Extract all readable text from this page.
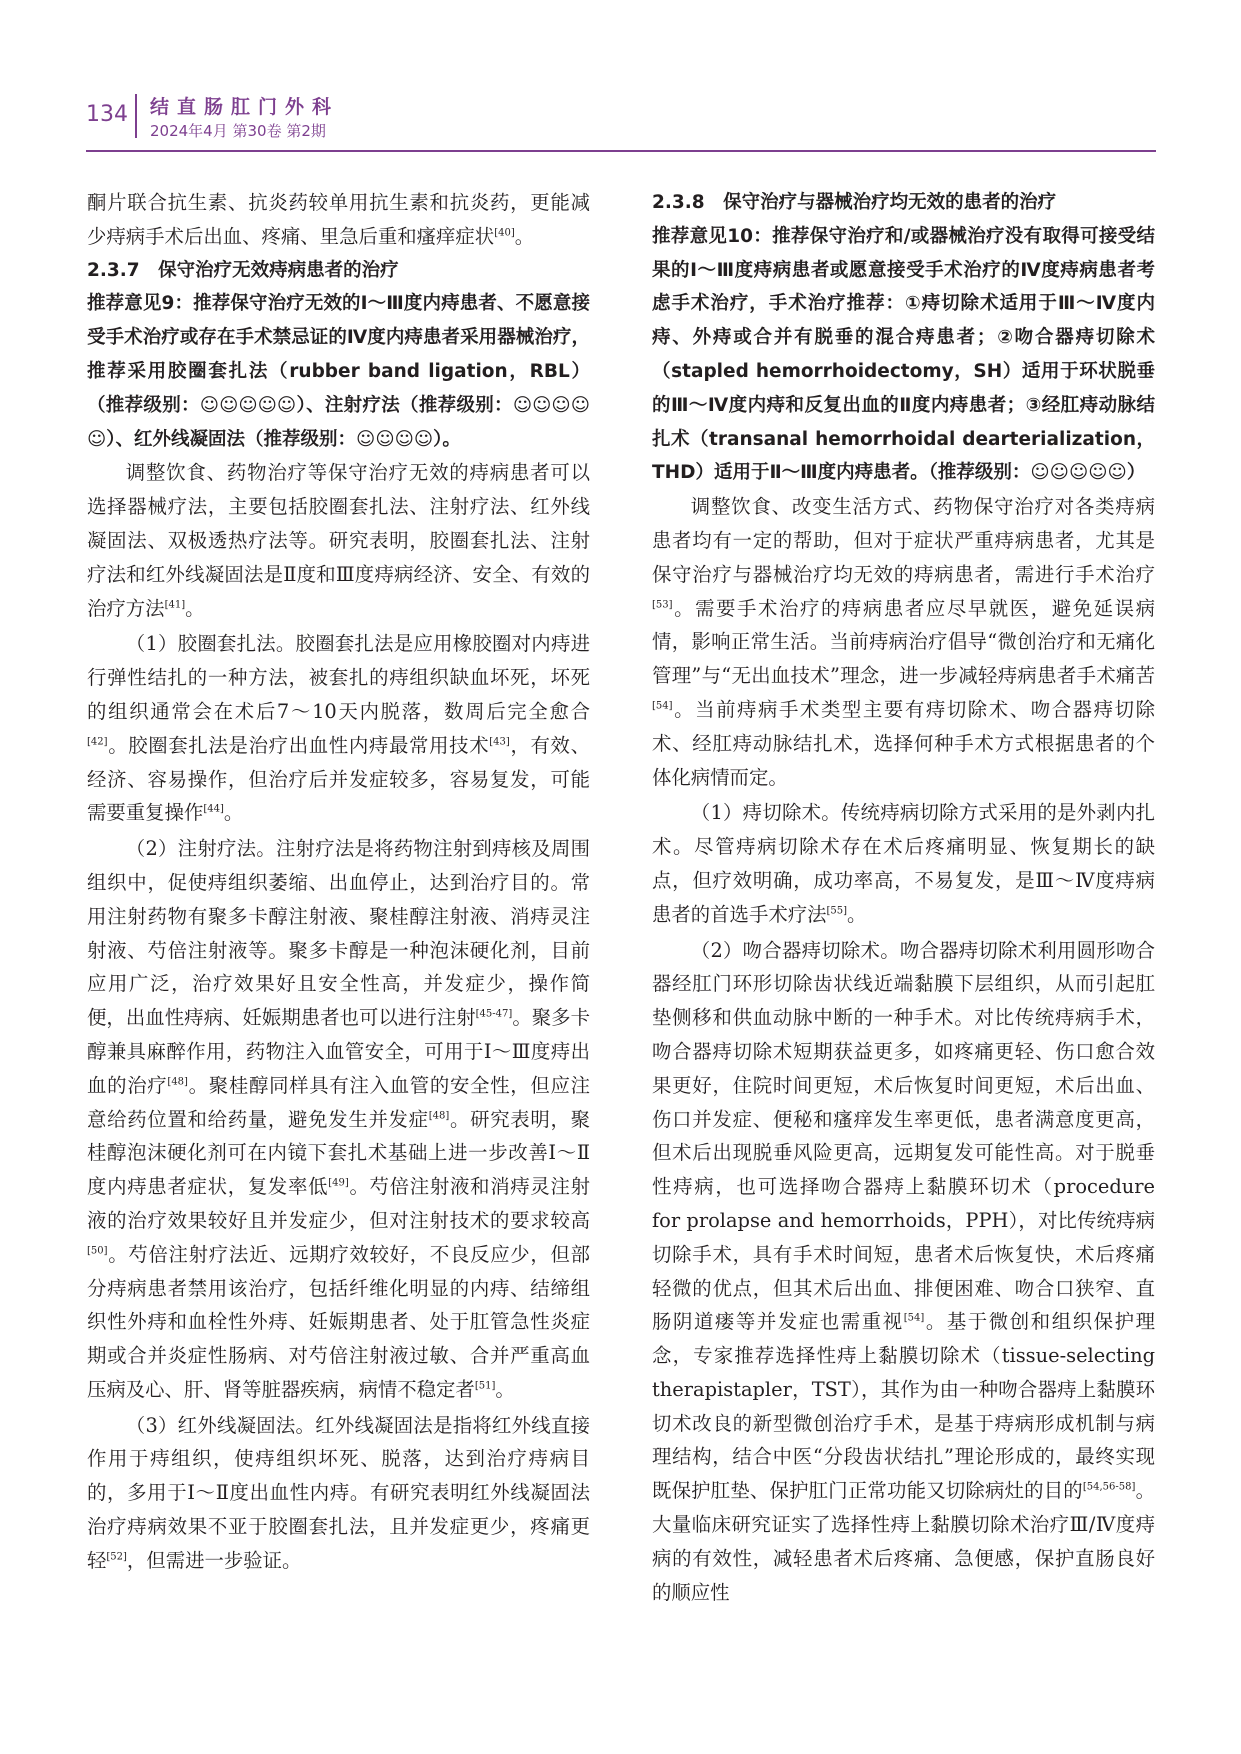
134 结直肠肛门外科
2024年4月 第30卷 第2期

酮片联合抗生素、抗炎药较单用抗生素和抗炎药，更能减少痔病手术后出血、疼痛、里急后重和瘙痒症状[40]。

2.3.7　保守治疗无效痔病患者的治疗

推荐意见9：推荐保守治疗无效的Ⅰ～Ⅲ度内痔患者、不愿意接受手术治疗或存在手术禁忌证的Ⅳ度内痔患者采用器械治疗，推荐采用胶圈套扎法（rubber band ligation，RBL）（推荐级别：☺☺☺☺☺）、注射疗法（推荐级别：☺☺☺☺☺）、红外线凝固法（推荐级别：☺☺☺☺）。

调整饮食、药物治疗等保守治疗无效的痔病患者可以选择器械疗法，主要包括胶圈套扎法、注射疗法、红外线凝固法、双极透热疗法等。研究表明，胶圈套扎法、注射疗法和红外线凝固法是Ⅱ度和Ⅲ度痔病经济、安全、有效的治疗方法[41]。

（1）胶圈套扎法。胶圈套扎法是应用橡胶圈对内痔进行弹性结扎的一种方法，被套扎的痔组织缺血坏死，坏死的组织通常会在术后7～10天内脱落，数周后完全愈合[42]。胶圈套扎法是治疗出血性内痔最常用技术[43]，有效、经济、容易操作，但治疗后并发症较多，容易复发，可能需要重复操作[44]。

（2）注射疗法。注射疗法是将药物注射到痔核及周围组织中，促使痔组织萎缩、出血停止，达到治疗目的。常用注射药物有聚多卡醇注射液、聚桂醇注射液、消痔灵注射液、芍倍注射液等。聚多卡醇是一种泡沫硬化剂，目前应用广泛，治疗效果好且安全性高，并发症少，操作简便，出血性痔病、妊娠期患者也可以进行注射[45-47]。聚多卡醇兼具麻醉作用，药物注入血管安全，可用于Ⅰ～Ⅲ度痔出血的治疗[48]。聚桂醇同样具有注入血管的安全性，但应注意给药位置和给药量，避免发生并发症[48]。研究表明，聚桂醇泡沫硬化剂可在内镜下套扎术基础上进一步改善Ⅰ～Ⅱ度内痔患者症状，复发率低[49]。芍倍注射液和消痔灵注射液的治疗效果较好且并发症少，但对注射技术的要求较高[50]。芍倍注射疗法近、远期疗效较好，不良反应少，但部分痔病患者禁用该治疗，包括纤维化明显的内痔、结缔组织性外痔和血栓性外痔、妊娠期患者、处于肛管急性炎症期或合并炎症性肠病、对芍倍注射液过敏、合并严重高血压病及心、肝、肾等脏器疾病，病情不稳定者[51]。

（3）红外线凝固法。红外线凝固法是指将红外线直接作用于痔组织，使痔组织坏死、脱落，达到治疗痔病目的，多用于Ⅰ～Ⅱ度出血性内痔。有研究表明红外线凝固法治疗痔病效果不亚于胶圈套扎法，且并发症更少，疼痛更轻[52]，但需进一步验证。

2.3.8　保守治疗与器械治疗均无效的患者的治疗

推荐意见10：推荐保守治疗和/或器械治疗没有取得可接受结果的Ⅰ～Ⅲ度痔病患者或愿意接受手术治疗的Ⅳ度痔病患者考虑手术治疗，手术治疗推荐：①痔切除术适用于Ⅲ～Ⅳ度内痔、外痔或合并有脱垂的混合痔患者；②吻合器痔切除术（stapled hemorrhoidectomy，SH）适用于环状脱垂的Ⅲ～Ⅳ度内痔和反复出血的Ⅱ度内痔患者；③经肛痔动脉结扎术（transanal hemorrhoidal dearterialization，THD）适用于Ⅱ～Ⅲ度内痔患者。（推荐级别：☺☺☺☺☺）

调整饮食、改变生活方式、药物保守治疗对各类痔病患者均有一定的帮助，但对于症状严重痔病患者，尤其是保守治疗与器械治疗均无效的痔病患者，需进行手术治疗[53]。需要手术治疗的痔病患者应尽早就医，避免延误病情，影响正常生活。当前痔病治疗倡导“微创治疗和无痛化管理”与“无出血技术”理念，进一步减轻痔病患者手术痛苦[54]。当前痔病手术类型主要有痔切除术、吻合器痔切除术、经肛痔动脉结扎术，选择何种手术方式根据患者的个体化病情而定。

（1）痔切除术。传统痔病切除方式采用的是外剥内扎术。尽管痔病切除术存在术后疼痛明显、恢复期长的缺点，但疗效明确，成功率高，不易复发，是Ⅲ～Ⅳ度痔病患者的首选手术疗法[55]。

（2）吻合器痔切除术。吻合器痔切除术利用圆形吻合器经肛门环形切除齿状线近端黏膜下层组织，从而引起肛垫侧移和供血动脉中断的一种手术。对比传统痔病手术，吻合器痔切除术短期获益更多，如疼痛更轻、伤口愈合效果更好，住院时间更短，术后恢复时间更短，术后出血、伤口并发症、便秘和瘙痒发生率更低，患者满意度更高，但术后出现脱垂风险更高，远期复发可能性高。对于脱垂性痔病，也可选择吻合器痔上黏膜环切术（procedure for prolapse and hemorrhoids，PPH），对比传统痔病切除手术，具有手术时间短，患者术后恢复快，术后疼痛轻微的优点，但其术后出血、排便困难、吻合口狭窄、直肠阴道瘘等并发症也需重视[54]。基于微创和组织保护理念，专家推荐选择性痔上黏膜切除术（tissue-selecting therapistapler，TST），其作为由一种吻合器痔上黏膜环切术改良的新型微创治疗手术，是基于痔病形成机制与病理结构，结合中医“分段齿状结扎”理论形成的，最终实现既保护肛垫、保护肛门正常功能又切除病灶的目的[54,56-58]。大量临床研究证实了选择性痔上黏膜切除术治疗Ⅲ/Ⅳ度痔病的有效性，减轻患者术后疼痛、急便感，保护直肠良好的顺应性
